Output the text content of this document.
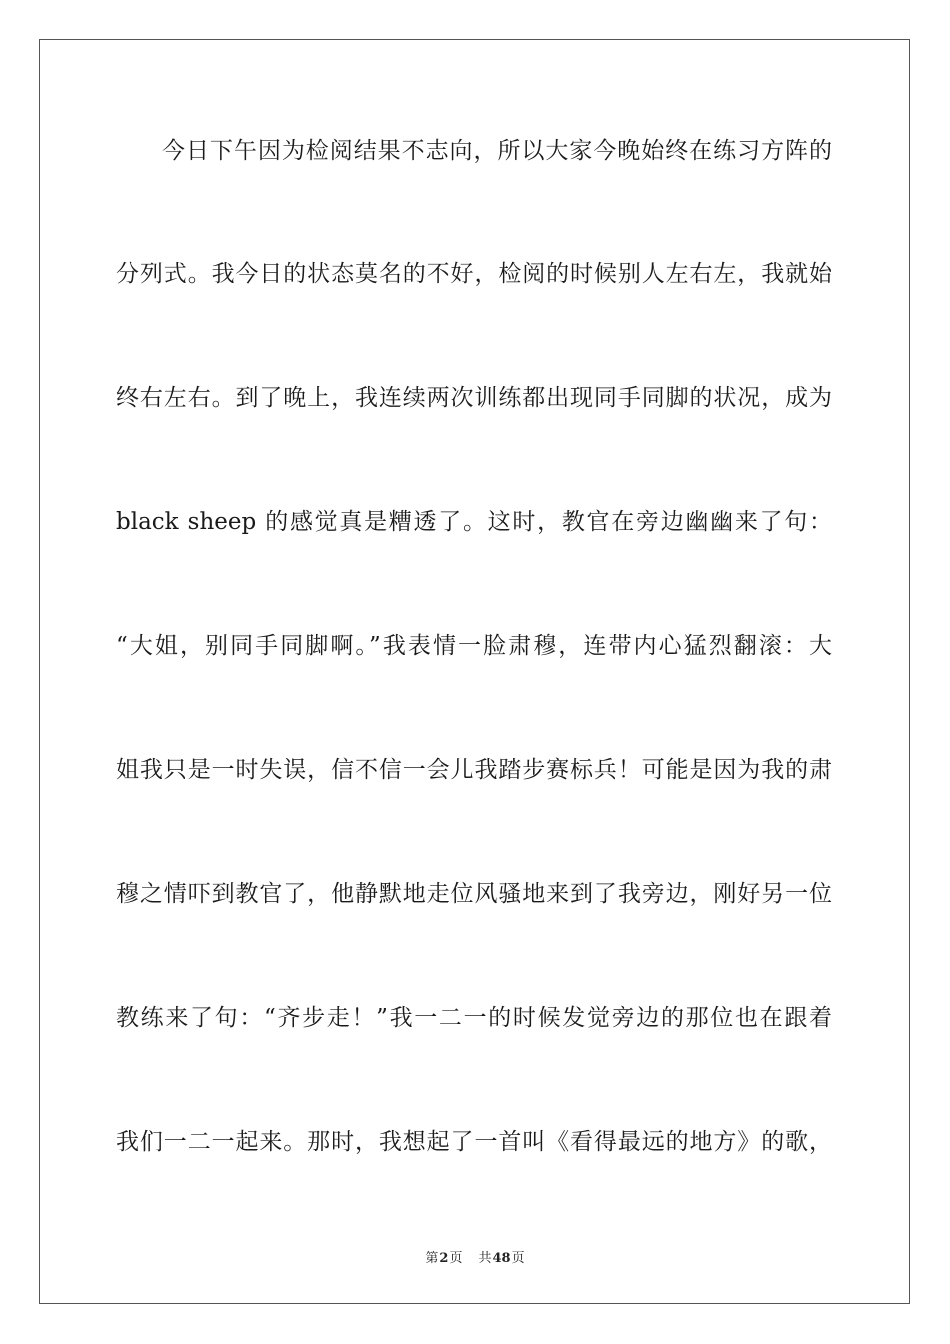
今日下午因为检阅结果不志向，所以大家今晚始终在练习方阵的
分列式。我今日的状态莫名的不好，检阅的时候别人左右左，我就始
终右左右。到了晚上，我连续两次训练都出现同手同脚的状况，成为
black sheep 的感觉真是糟透了。这时，教官在旁边幽幽来了句：
“大姐，别同手同脚啊。”我表情一脸肃穆，连带内心猛烈翻滚：大
姐我只是一时失误，信不信一会儿我踏步赛标兵！可能是因为我的肃
穆之情吓到教官了，他静默地走位风骚地来到了我旁边，刚好另一位
教练来了句：“齐步走！”我一二一的时候发觉旁边的那位也在跟着
我们一二一起来。那时，我想起了一首叫《看得最远的地方》的歌，
第2页 共48页
